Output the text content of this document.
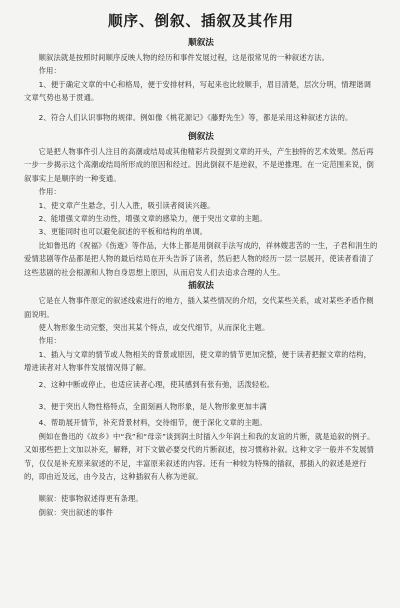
顺序、倒叙、插叙及其作用
顺叙法

顺叙法就是按照时间顺序反映人物的经历和事件发展过程，这是很常见的一种叙述方法。

作用：

1、便于确定文章的中心和格局，便于安排材料，写起来也比较顺手，眉目清楚，层次分明，情理谐调文章气势也易于贯通。

2、符合人们认识事物的规律。例如像《桃花源记》《藤野先生》等，都是采用这种叙述方法的。

倒叙法

它是把人物事件引人注目的高潮或结局或其他精彩片段提到文章的开头，产生独特的艺术效果。然后再一步一步揭示这个高潮或结局所形成的原因和经过。因此倒叙不是逆叙，不是逆推理。在一定范围来说，倒叙事实上是顺序的一种变通。

作用：

1、使文章产生悬念，引人入胜，吸引读者阅读兴趣。

2、能增强文章的生动性，增强文章的感染力，便于突出文章的主题。

3、更能同时也可以避免叙述的平板和结构的单调。

比如鲁迅的《祝福》《伤逝》等作品，大体上都是用倒叙手法写成的，祥林嫂悲苦的一生，子君和涓生的爱情悲剧等作品都是把人物的最后结局在开头告诉了读者，然后把人物的经历一层一层展开，使读者看清了这些悲剧的社会根源和人物自身思想上原因，从而启发人们去追求合理的人生。

插叙法

它是在人物事件原定的叙述线索进行的地方，插入某些情况的介绍，交代某些关系，或对某些矛盾作侧面说明。

使人物形象生动完整，突出其某个特点，或交代细节，从而深化主题。

作用：

1、插入与文章的情节或人物相关的背景或原因，使文章的情节更加完整，便于读者把握文章的结构，增进读者对人物事件发展情况得了解。

2、这种中断或停止，也适应读者心理，使其感到有张有弛，活泼轻松。

3、便于突出人物性格特点，全面刻画人物形象，是人物形象更加丰满

4、帮助展开情节，补充背景材料，交待细节，便于深化文章的主题。

例如在鲁迅的《故乡》中“我”和“母亲”谈到润土时插入少年润土和我的友谊的片断，就是追叙的例子。又如那些把上文加以补充，解释，对下文做必要交代的片断叙述，按习惯称补叙。这种文字一般并不发展情节，仅仅是补充原来叙述的不足，丰富原来叙述的内容。还有一种较为特殊的插叙，那插入的叙述是逆行的，即由近及远，由今及古，这种插叙有人称为逆叙。

顺叙：使事物叙述得更有条理。

倒叙：突出叙述的事件
